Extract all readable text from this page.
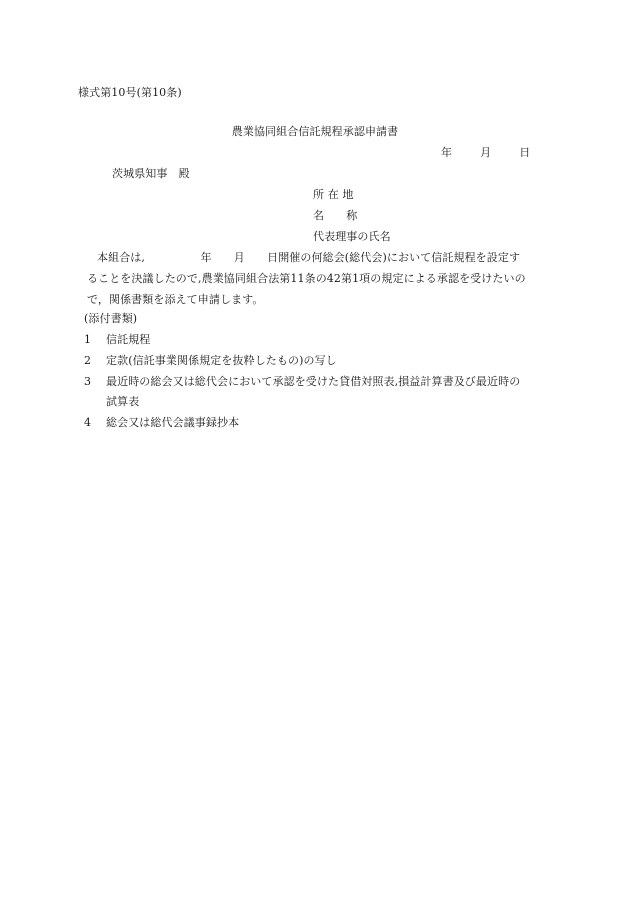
様式第10号(第10条)
農業協同組合信託規程承認申請書
年	月	日
茨城県知事　殿
所 在 地
名　　称
代表理事の氏名
本組合は,　　　　　年　　月　　日開催の何総会(総代会)において信託規程を設定す
ることを決議したので,農業協同組合法第11条の42第1項の規定による承認を受けたいの
で，関係書類を添えて申請します。
(添付書類)
1 信託規程
2 定款(信託事業関係規定を抜粋したもの)の写し
3 最近時の総会又は総代会において承認を受けた貸借対照表,損益計算書及び最近時の
試算表
4 総会又は総代会議事録抄本
